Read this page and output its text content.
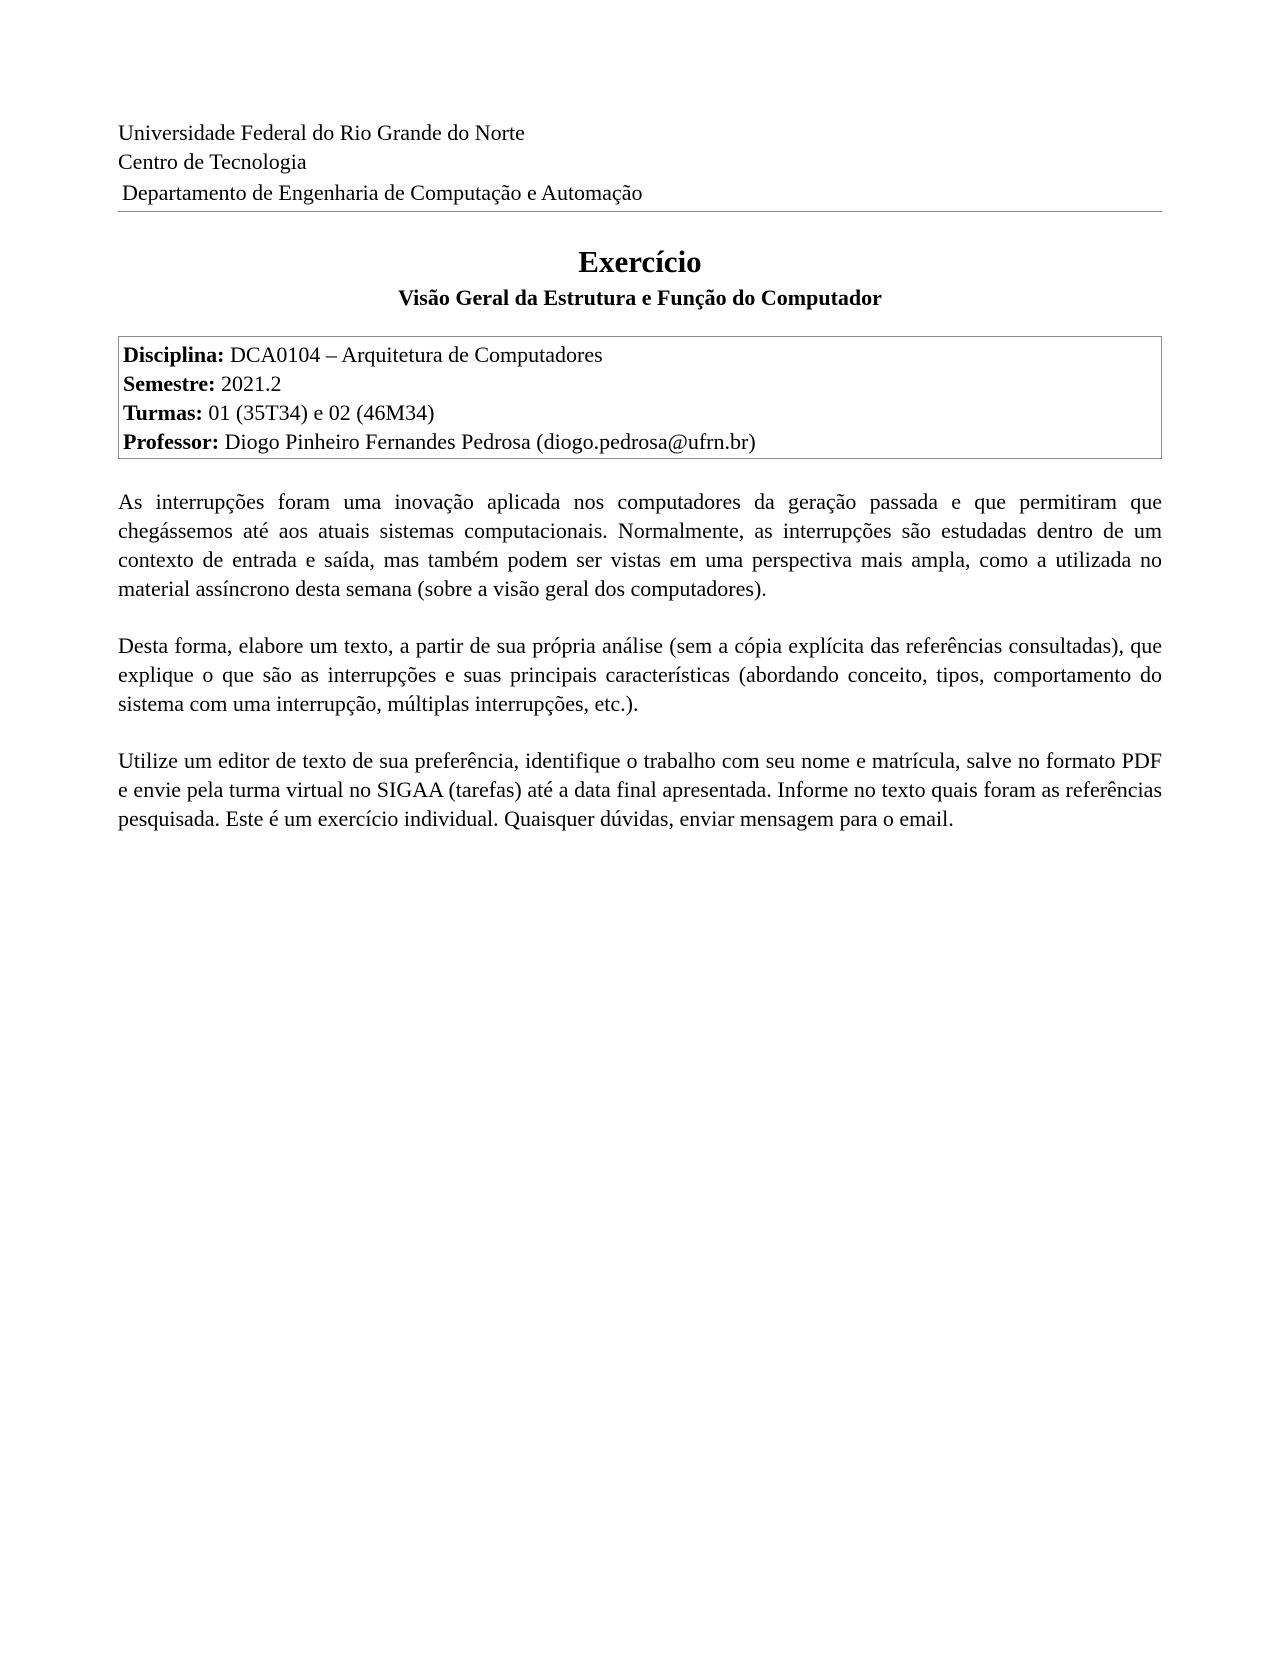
Universidade Federal do Rio Grande do Norte

Centro de Tecnologia

Departamento de Engenharia de Computação e Automação

Exercício
Visão Geral da Estrutura e Função do Computador

Disciplina: DCA0104 – Arquitetura de Computadores

Semestre: 2021.2

Turmas: 01 (35T34) e 02 (46M34)

Professor: Diogo Pinheiro Fernandes Pedrosa (diogo.pedrosa@ufrn.br)

As interrupções foram uma inovação aplicada nos computadores da geração passada e que permitiram que chegássemos até aos atuais sistemas computacionais. Normalmente, as interrupções são estudadas dentro de um contexto de entrada e saída, mas também podem ser vistas em uma perspectiva mais ampla, como a utilizada no material assíncrono desta semana (sobre a visão geral dos computadores).

Desta forma, elabore um texto, a partir de sua própria análise (sem a cópia explícita das referências consultadas), que explique o que são as interrupções e suas principais características (abordando conceito, tipos, comportamento do sistema com uma interrupção, múltiplas interrupções, etc.).

Utilize um editor de texto de sua preferência, identifique o trabalho com seu nome e matrícula, salve no formato PDF e envie pela turma virtual no SIGAA (tarefas) até a data final apresentada. Informe no texto quais foram as referências pesquisada. Este é um exercício individual. Quaisquer dúvidas, enviar mensagem para o email.
